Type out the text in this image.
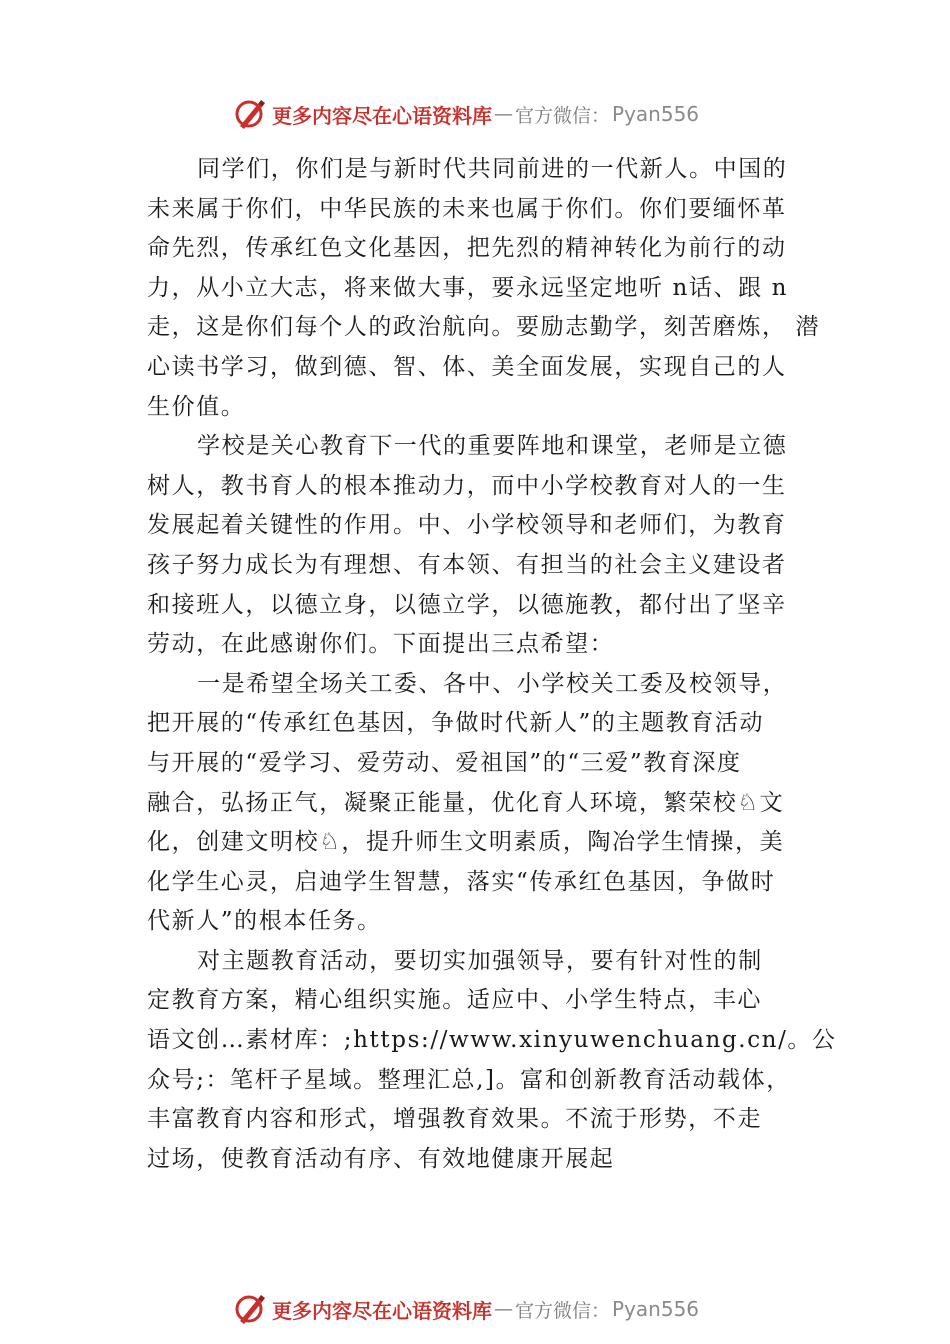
更多内容尽在心语资料库 — 官方微信： Pyan556
同学们，你们是与新时代共同前进的一代新人。中国的
未来属于你们，中华民族的未来也属于你们。你们要缅怀革
命先烈，传承红色文化基因，把先烈的精神转化为前行的动
力，从小立大志，将来做大事，要永远坚定地听 n话、跟 n
走，这是你们每个人的政治航向。要励志勤学，刻苦磨炼， 潜
心读书学习，做到德、智、体、美全面发展，实现自己的人
生价值。
学校是关心教育下一代的重要阵地和课堂，老师是立德
树人，教书育人的根本推动力，而中小学校教育对人的一生
发展起着关键性的作用。中、小学校领导和老师们，为教育
孩子努力成长为有理想、有本领、有担当的社会主义建设者
和接班人，以德立身，以德立学，以德施教，都付出了坚辛
劳动，在此感谢你们。下面提出三点希望：
一是希望全场关工委、各中、小学校关工委及校领导，
把开展的“传承红色基因，争做时代新人”的主题教育活动
与开展的“爱学习、爱劳动、爱祖国”的“三爱”教育深度
融合，弘扬正气，凝聚正能量，优化育人环境，繁荣校♘文
化，创建文明校♘，提升师生文明素质，陶冶学生情操，美
化学生心灵，启迪学生智慧，落实“传承红色基因，争做时
代新人”的根本任务。
对主题教育活动，要切实加强领导，要有针对性的制
定教育方案，精心组织实施。适应中、小学生特点，丰心
语文创…素材库：;https://www.xinyuwenchuang.cn/。公
众号;：笔杆子星域。整理汇总,]。富和创新教育活动载体，
丰富教育内容和形式，增强教育效果。不流于形势，不走
过场，使教育活动有序、有效地健康开展起
更多内容尽在心语资料库 — 官方微信： Pyan556
